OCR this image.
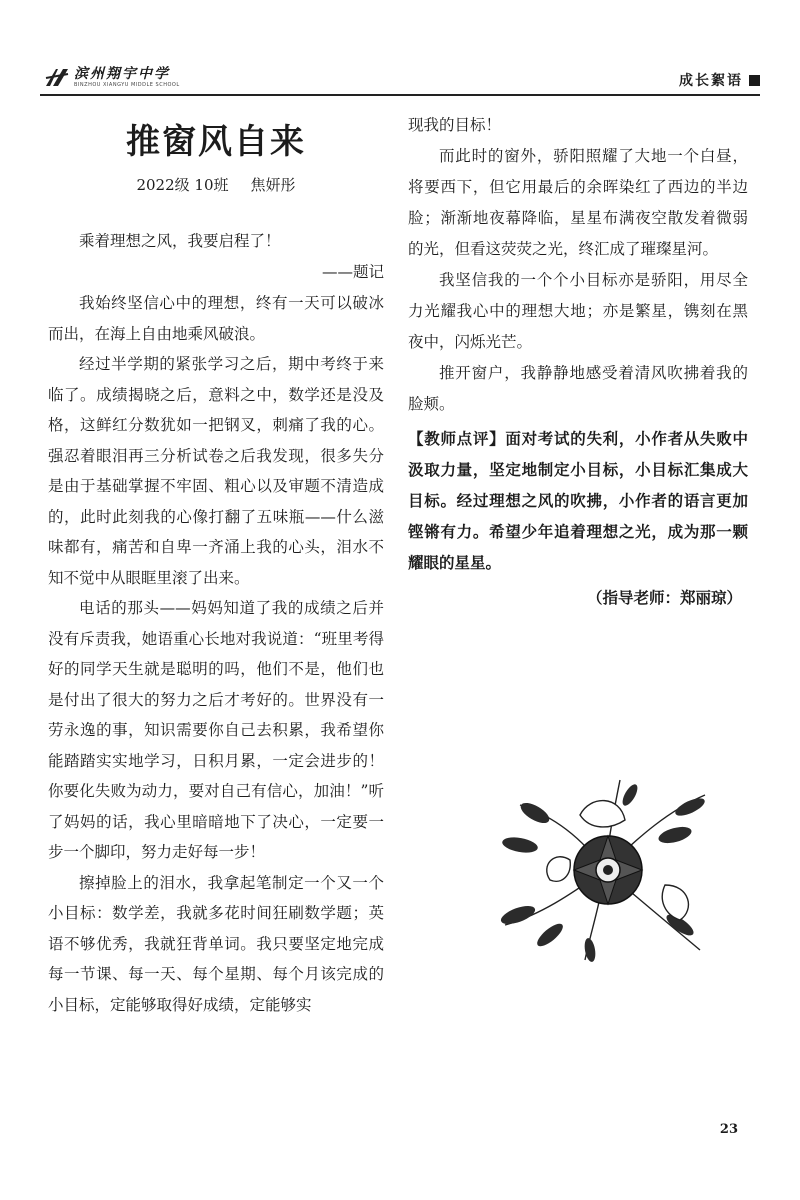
滨州翔宇中学
BINZHOU XIANGYU MIDDLE SCHOOL	成长絮语
推窗风自来
2022级 10班 焦妍彤
乘着理想之风，我要启程了！
——题记

我始终坚信心中的理想，终有一天可以破冰而出，在海上自由地乘风破浪。

经过半学期的紧张学习之后，期中考终于来临了。成绩揭晓之后，意料之中，数学还是没及格，这鲜红分数犹如一把钢叉，刺痛了我的心。强忍着眼泪再三分析试卷之后我发现，很多失分是由于基础掌握不牢固、粗心以及审题不清造成的，此时此刻我的心像打翻了五味瓶——什么滋味都有，痛苦和自卑一齐涌上我的心头，泪水不知不觉中从眼眶里滚了出来。

电话的那头——妈妈知道了我的成绩之后并没有斥责我，她语重心长地对我说道：“班里考得好的同学天生就是聪明的吗，他们不是，他们也是付出了很大的努力之后才考好的。世界没有一劳永逸的事，知识需要你自己去积累，我希望你能踏踏实实地学习，日积月累，一定会进步的！你要化失败为动力，要对自己有信心，加油！”听了妈妈的话，我心里暗暗地下了决心，一定要一步一个脚印，努力走好每一步！

擦掉脸上的泪水，我拿起笔制定一个又一个小目标：数学差，我就多花时间狂刷数学题；英语不够优秀，我就狂背单词。我只要坚定地完成每一节课、每一天、每个星期、每个月该完成的小目标，定能够取得好成绩，定能够实

现我的目标！

而此时的窗外，骄阳照耀了大地一个白昼，将要西下，但它用最后的余晖染红了西边的半边脸；渐渐地夜幕降临，星星布满夜空散发着微弱的光，但看这荧荧之光，终汇成了璀璨星河。

我坚信我的一个个小目标亦是骄阳，用尽全力光耀我心中的理想大地；亦是繁星，镌刻在黑夜中，闪烁光芒。

推开窗户，我静静地感受着清风吹拂着我的脸颊。

【教师点评】面对考试的失利，小作者从失败中汲取力量，坚定地制定小目标，小目标汇集成大目标。经过理想之风的吹拂，小作者的语言更加铿锵有力。希望少年追着理想之光，成为那一颗耀眼的星星。
（指导老师：郑丽琼）
23
